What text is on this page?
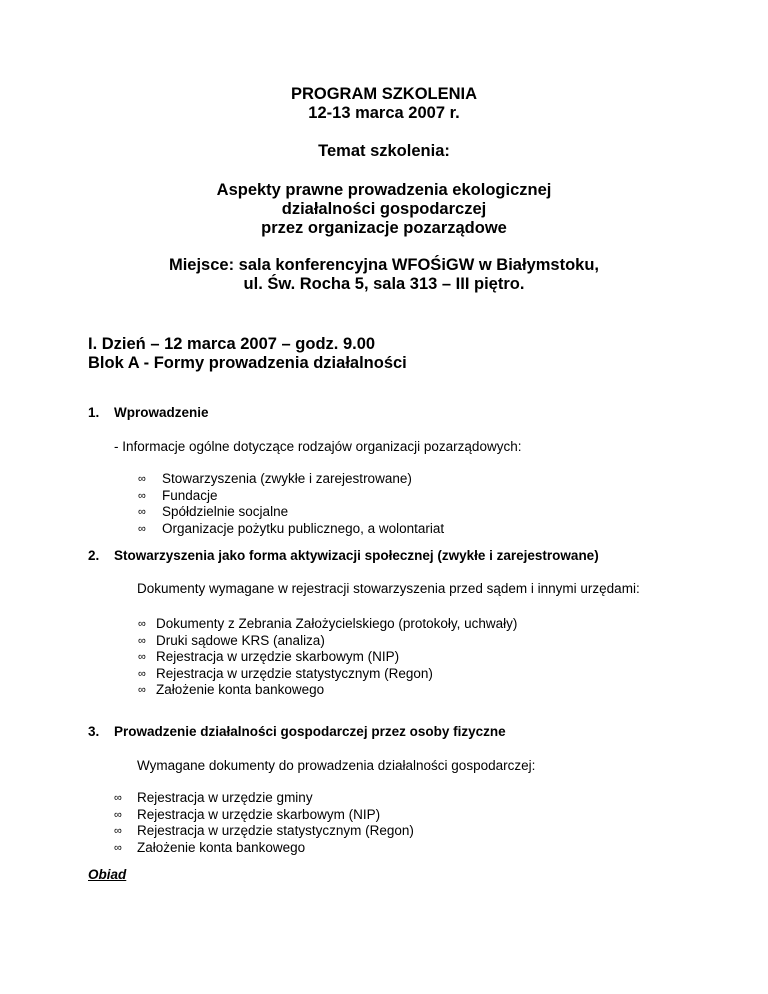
PROGRAM SZKOLENIA
12-13 marca 2007 r.
Temat szkolenia:
Aspekty prawne prowadzenia ekologicznej
działalności gospodarczej
przez organizacje pozarządowe
Miejsce: sala konferencyjna WFOŚiGW w Białymstoku,
ul. Św. Rocha 5, sala 313 – III piętro.
I. Dzień – 12 marca 2007 – godz. 9.00
Blok A - Formy prowadzenia działalności
1. Wprowadzenie
- Informacje ogólne dotyczące rodzajów organizacji pozarządowych:
∞ Stowarzyszenia (zwykłe i zarejestrowane)
∞ Fundacje
∞ Spółdzielnie socjalne
∞ Organizacje pożytku publicznego, a wolontariat
2. Stowarzyszenia jako forma aktywizacji społecznej (zwykłe i zarejestrowane)
Dokumenty wymagane w rejestracji stowarzyszenia przed sądem i innymi urzędami:
∞ Dokumenty z Zebrania Założycielskiego (protokoły, uchwały)
∞ Druki sądowe KRS (analiza)
∞ Rejestracja w urzędzie skarbowym (NIP)
∞ Rejestracja w urzędzie statystycznym (Regon)
∞ Założenie konta bankowego
3. Prowadzenie działalności gospodarczej przez osoby fizyczne
Wymagane dokumenty do prowadzenia działalności gospodarczej:
∞ Rejestracja w urzędzie gminy
∞ Rejestracja w urzędzie skarbowym (NIP)
∞ Rejestracja w urzędzie statystycznym (Regon)
∞ Założenie konta bankowego
Obiad
